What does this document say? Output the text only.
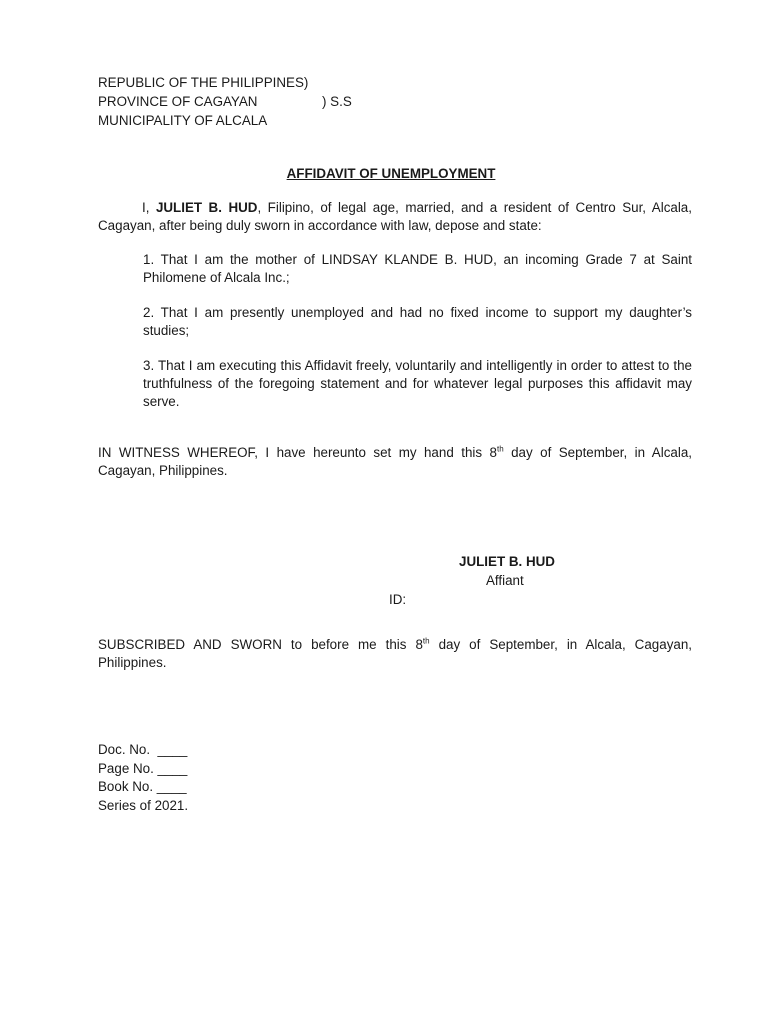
REPUBLIC OF THE PHILIPPINES)
PROVINCE OF CAGAYAN	) S.S
MUNICIPALITY OF ALCALA
AFFIDAVIT OF UNEMPLOYMENT
I, JULIET B. HUD, Filipino, of legal age, married, and a resident of Centro Sur, Alcala, Cagayan, after being duly sworn in accordance with law, depose and state:
1. That I am the mother of LINDSAY KLANDE B. HUD, an incoming Grade 7 at Saint Philomene of Alcala Inc.;
2. That I am presently unemployed and had no fixed income to support my daughter’s studies;
3. That I am executing this Affidavit freely, voluntarily and intelligently in order to attest to the truthfulness of the foregoing statement and for whatever legal purposes this affidavit may serve.
IN WITNESS WHEREOF, I have hereunto set my hand this 8th day of September, in Alcala, Cagayan, Philippines.
JULIET B. HUD
Affiant
ID:
SUBSCRIBED AND SWORN to before me this 8th day of September, in Alcala, Cagayan, Philippines.
Doc. No.  ____
Page No. ____
Book No. ____
Series of 2021.
